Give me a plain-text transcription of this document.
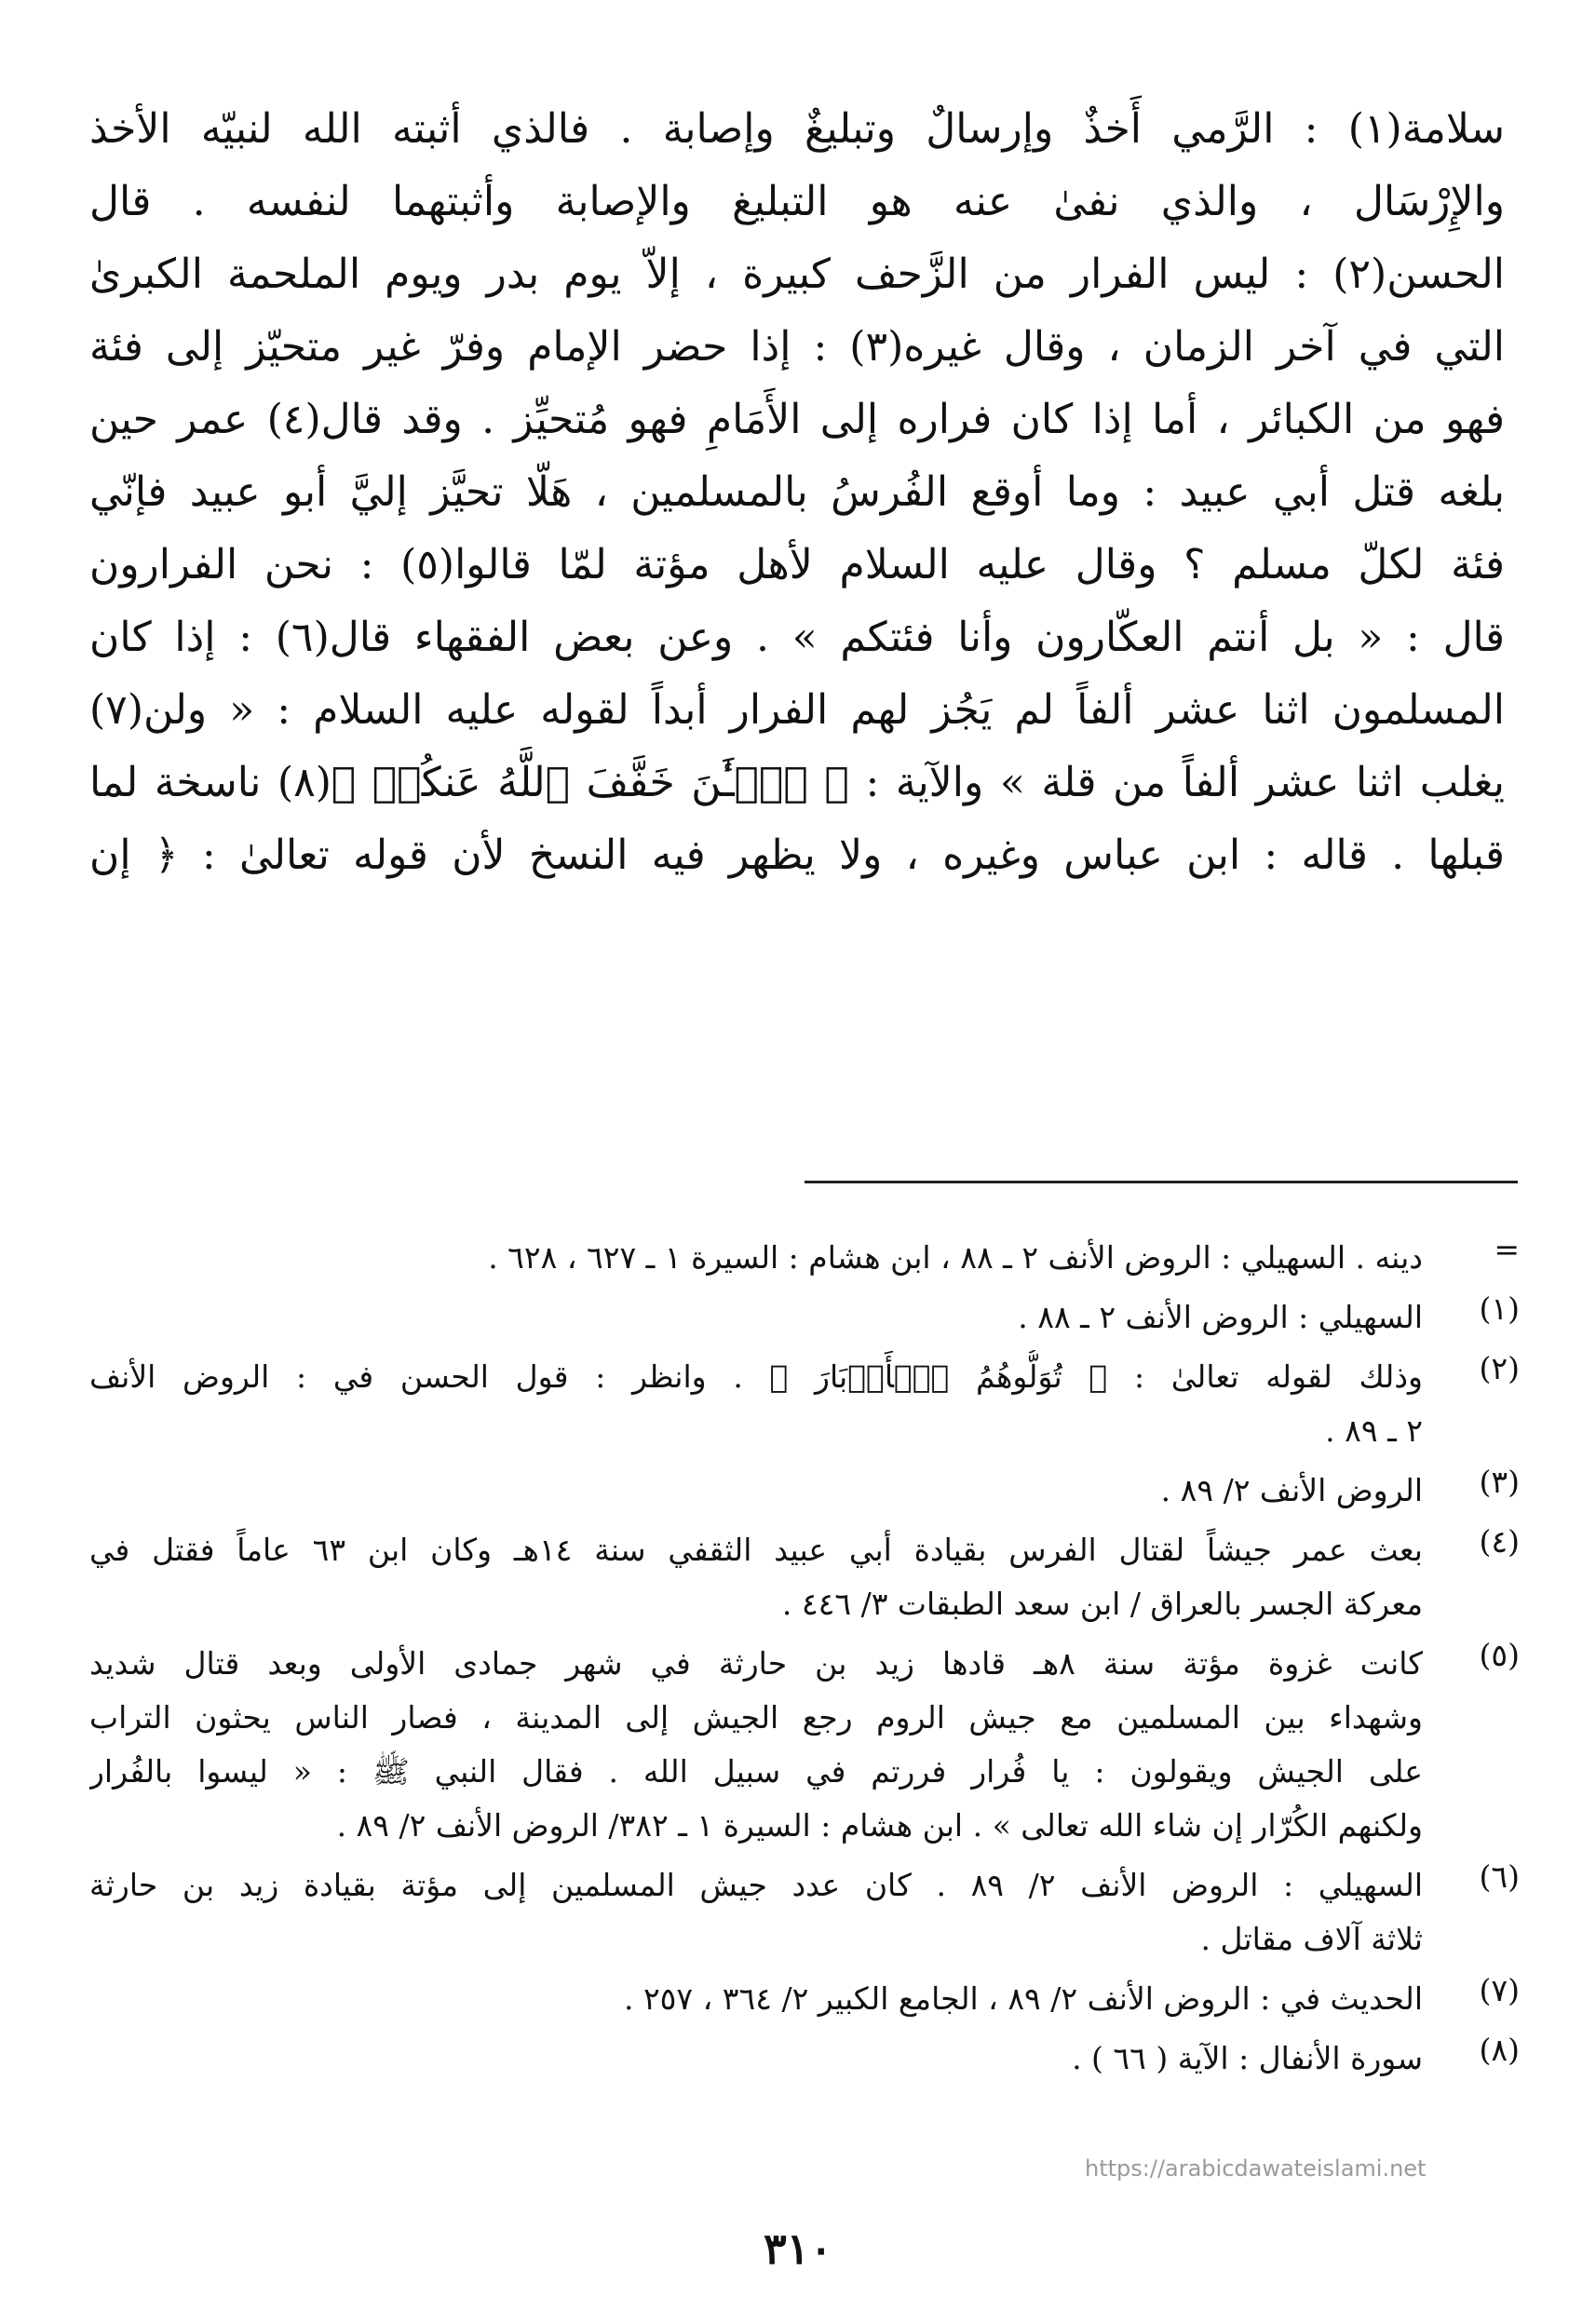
سلامة(١) : الرَّمي أَخذٌ وإرسالٌ وتبليغٌ وإصابة . فالذي أثبته الله لنبيّه الأخذ
والإِرْسَال ، والذي نفىٰ عنه هو التبليغ والإصابة وأثبتهما لنفسه . قال
الحسن(٢) : ليس الفرار من الزَّحف كبيرة ، إلاّ يوم بدر ويوم الملحمة الكبرىٰ
التي في آخر الزمان ، وقال غيره(٣) : إذا حضر الإمام وفرّ غير متحيّز إلى فئة
فهو من الكبائر ، أما إذا كان فراره إلى الأَمَامِ فهو مُتحيِّز . وقد قال(٤) عمر حين
بلغه قتل أبي عبيد : وما أوقع الفُرسُ بالمسلمين ، هَلّا تحيَّز إليَّ أبو عبيد فإنّي
فئة لكلّ مسلم ؟ وقال عليه السلام لأهل مؤتة لمّا قالوا(٥) : نحن الفرارون
قال : « بل أنتم العكّارون وأنا فئتكم » . وعن بعض الفقهاء قال(٦) : إذا كان
المسلمون اثنا عشر ألفاً لم يَجُز لهم الفرار أبداً لقوله عليه السلام : « ولن(٧)
يغلب اثنا عشر ألفاً من قلة » والآية : ﴿ ٱلۡـَٰٔنَ خَفَّفَ ٱللَّهُ عَنكُمۡ ﴾(٨) ناسخة لما
قبلها . قاله : ابن عباس وغيره ، ولا يظهر فيه النسخ لأن قوله تعالىٰ : ﴿ إن
=
دينه . السهيلي : الروض الأنف ٢ ـ ٨٨ ، ابن هشام : السيرة ١ ـ ٦٢٧ ، ٦٢٨ .
(١)
السهيلي : الروض الأنف ٢ ـ ٨٨ .
(٢)
وذلك لقوله تعالىٰ : ﴿ تُوَلُّوهُمُ ٱلۡأَدۡبَارَ ﴾ . وانظر : قول الحسن في : الروض الأنف
٢ ـ ٨٩ .
(٣)
الروض الأنف ٢/ ٨٩ .
(٤)
بعث عمر جيشاً لقتال الفرس بقيادة أبي عبيد الثقفي سنة ١٤هـ وكان ابن ٦٣ عاماً فقتل في
معركة الجسر بالعراق / ابن سعد الطبقات ٣/ ٤٤٦ .
(٥)
كانت غزوة مؤتة سنة ٨هـ قادها زيد بن حارثة في شهر جمادى الأولى وبعد قتال شديد
وشهداء بين المسلمين مع جيش الروم رجع الجيش إلى المدينة ، فصار الناس يحثون التراب
على الجيش ويقولون : يا فُرار فررتم في سبيل الله . فقال النبي ﷺ : « ليسوا بالفُرار
ولكنهم الكُرّار إن شاء الله تعالى » . ابن هشام : السيرة ١ ـ ٣٨٢/ الروض الأنف ٢/ ٨٩ .
(٦)
السهيلي : الروض الأنف ٢/ ٨٩ . كان عدد جيش المسلمين إلى مؤتة بقيادة زيد بن حارثة
ثلاثة آلاف مقاتل .
(٧)
الحديث في : الروض الأنف ٢/ ٨٩ ، الجامع الكبير ٢/ ٣٦٤ ، ٢٥٧ .
(٨)
سورة الأنفال : الآية ( ٦٦ ) .
https://arabicdawateislami.net
٣١٠
